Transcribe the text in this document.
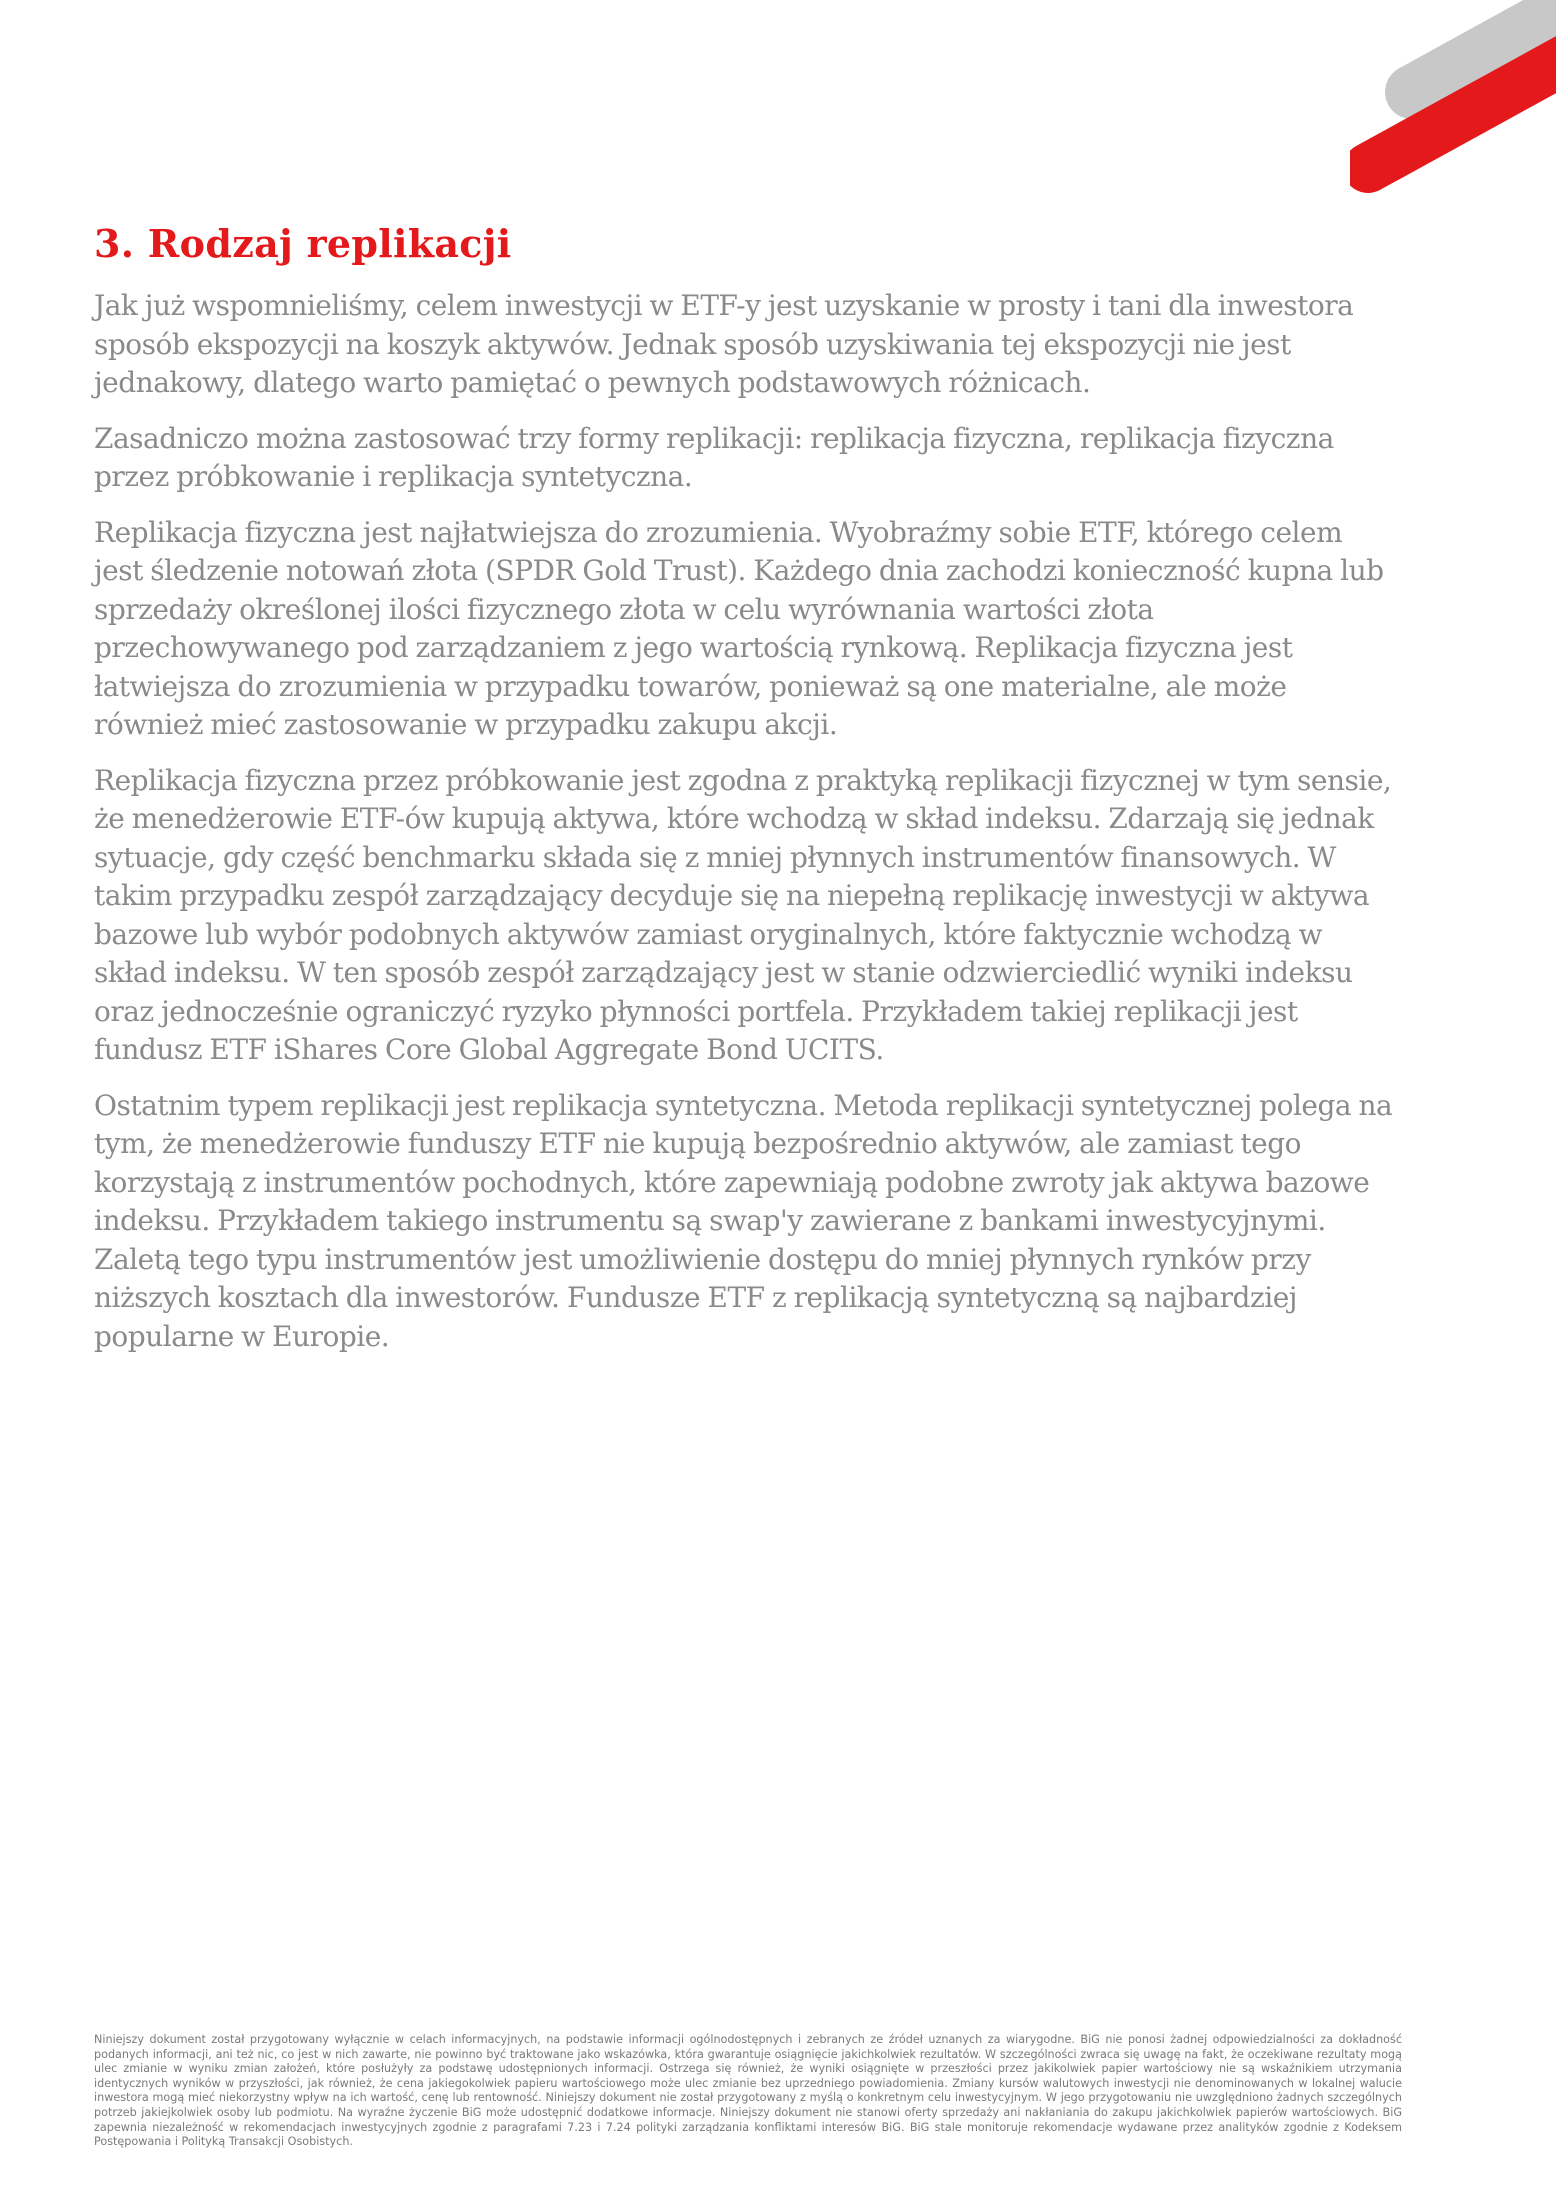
3. Rodzaj replikacji

Jak już wspomnieliśmy, celem inwestycji w ETF-y jest uzyskanie w prosty i tani dla inwestora sposób ekspozycji na koszyk aktywów. Jednak sposób uzyskiwania tej ekspozycji nie jest jednakowy, dlatego warto pamiętać o pewnych podstawowych różnicach.

Zasadniczo można zastosować trzy formy replikacji: replikacja fizyczna, replikacja fizyczna przez próbkowanie i replikacja syntetyczna.

Replikacja fizyczna jest najłatwiejsza do zrozumienia. Wyobraźmy sobie ETF, którego celem jest śledzenie notowań złota (SPDR Gold Trust). Każdego dnia zachodzi konieczność kupna lub sprzedaży określonej ilości fizycznego złota w celu wyrównania wartości złota przechowywanego pod zarządzaniem z jego wartością rynkową. Replikacja fizyczna jest łatwiejsza do zrozumienia w przypadku towarów, ponieważ są one materialne, ale może również mieć zastosowanie w przypadku zakupu akcji.

Replikacja fizyczna przez próbkowanie jest zgodna z praktyką replikacji fizycznej w tym sensie, że menedżerowie ETF-ów kupują aktywa, które wchodzą w skład indeksu. Zdarzają się jednak sytuacje, gdy część benchmarku składa się z mniej płynnych instrumentów finansowych. W takim przypadku zespół zarządzający decyduje się na niepełną replikację inwestycji w aktywa bazowe lub wybór podobnych aktywów zamiast oryginalnych, które faktycznie wchodzą w skład indeksu. W ten sposób zespół zarządzający jest w stanie odzwierciedlić wyniki indeksu oraz jednocześnie ograniczyć ryzyko płynności portfela. Przykładem takiej replikacji jest fundusz ETF iShares Core Global Aggregate Bond UCITS.

Ostatnim typem replikacji jest replikacja syntetyczna. Metoda replikacji syntetycznej polega na tym, że menedżerowie funduszy ETF nie kupują bezpośrednio aktywów, ale zamiast tego korzystają z instrumentów pochodnych, które zapewniają podobne zwroty jak aktywa bazowe indeksu. Przykładem takiego instrumentu są swap'y zawierane z bankami inwestycyjnymi. Zaletą tego typu instrumentów jest umożliwienie dostępu do mniej płynnych rynków przy niższych kosztach dla inwestorów. Fundusze ETF z replikacją syntetyczną są najbardziej popularne w Europie.

Niniejszy dokument został przygotowany wyłącznie w celach informacyjnych, na podstawie informacji ogólnodostępnych i zebranych ze źródeł uznanych za wiarygodne. BiG nie ponosi żadnej odpowiedzialności za dokładność podanych informacji, ani też nic, co jest w nich zawarte, nie powinno być traktowane jako wskazówka, która gwarantuje osiągnięcie jakichkolwiek rezultatów. W szczególności zwraca się uwagę na fakt, że oczekiwane rezultaty mogą ulec zmianie w wyniku zmian założeń, które posłużyły za podstawę udostępnionych informacji. Ostrzega się również, że wyniki osiągnięte w przeszłości przez jakikolwiek papier wartościowy nie są wskaźnikiem utrzymania identycznych wyników w przyszłości, jak również, że cena jakiegokolwiek papieru wartościowego może ulec zmianie bez uprzedniego powiadomienia. Zmiany kursów walutowych inwestycji nie denominowanych w lokalnej walucie inwestora mogą mieć niekorzystny wpływ na ich wartość, cenę lub rentowność. Niniejszy dokument nie został przygotowany z myślą o konkretnym celu inwestycyjnym. W jego przygotowaniu nie uwzględniono żadnych szczególnych potrzeb jakiejkolwiek osoby lub podmiotu. Na wyraźne życzenie BiG może udostępnić dodatkowe informacje. Niniejszy dokument nie stanowi oferty sprzedaży ani nakłaniania do zakupu jakichkolwiek papierów wartościowych. BiG zapewnia niezależność w rekomendacjach inwestycyjnych zgodnie z paragrafami 7.23 i 7.24 polityki zarządzania konfliktami interesów BiG. BiG stale monitoruje rekomendacje wydawane przez analityków zgodnie z Kodeksem Postępowania i Polityką Transakcji Osobistych.
